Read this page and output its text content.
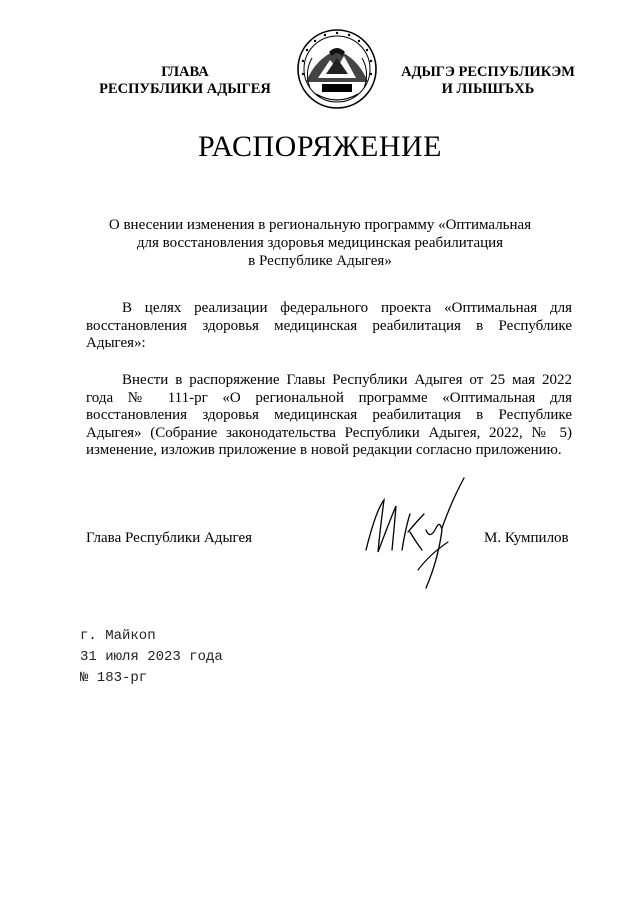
ГЛАВА
РЕСПУБЛИКИ АДЫГЕЯ
АДЫГЭ РЕСПУБЛИКЭМ
И ЛІЫШЪХЬ
РАСПОРЯЖЕНИЕ
О внесении изменения в региональную программу «Оптимальная
для восстановления здоровья медицинская реабилитация
в Республике Адыгея»
В целях реализации федерального проекта «Оптимальная для восстановления здоровья медицинская реабилитация в Республике Адыгея»:
Внести в распоряжение Главы Республики Адыгея от 25 мая 2022 года № 111-рг «О региональной программе «Оптимальная для восстановления здоровья медицинская реабилитация в Республике Адыгея» (Собрание законодательства Республики Адыгея, 2022, № 5) изменение, изложив приложение в новой редакции согласно приложению.
Глава Республики Адыгея	М. Кумпилов
г. Майкоп
31 июля 2023 года
№ 183-рг
